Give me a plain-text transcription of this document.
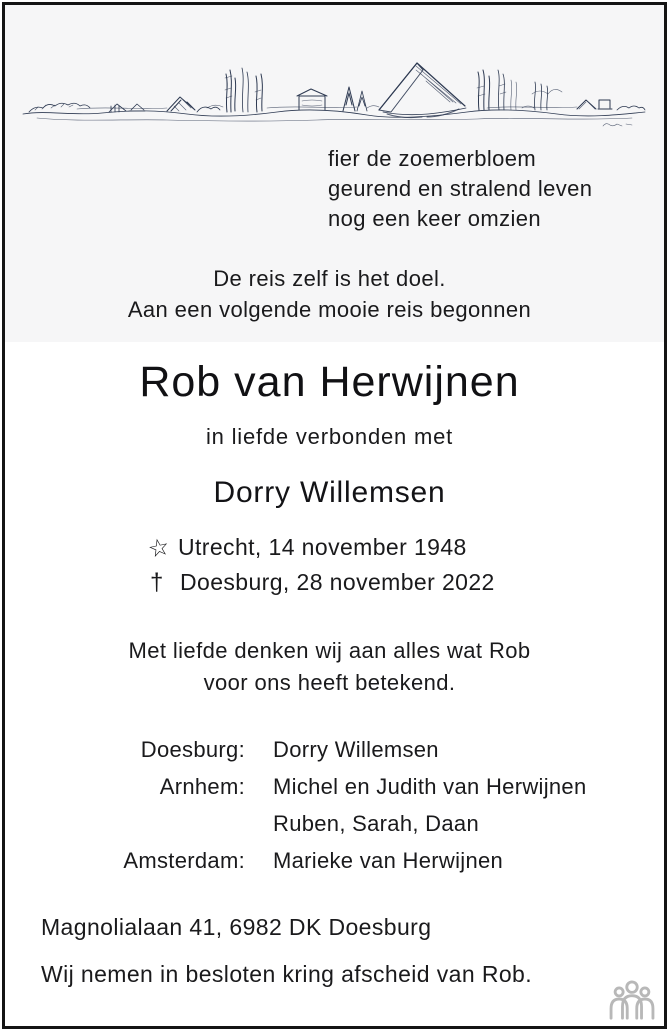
fier de zoemerbloem
geurend en stralend leven
nog een keer omzien
De reis zelf is het doel.
Aan een volgende mooie reis begonnen
Rob van Herwijnen
in liefde verbonden met
Dorry Willemsen
☆ Utrecht, 14 november 1948
† Doesburg, 28 november 2022
Met liefde denken wij aan alles wat Rob
voor ons heeft betekend.
Doesburg: Dorry Willemsen
Arnhem: Michel en Judith van Herwijnen
Ruben, Sarah, Daan
Amsterdam: Marieke van Herwijnen
Magnolialaan 41, 6982 DK Doesburg
Wij nemen in besloten kring afscheid van Rob.
